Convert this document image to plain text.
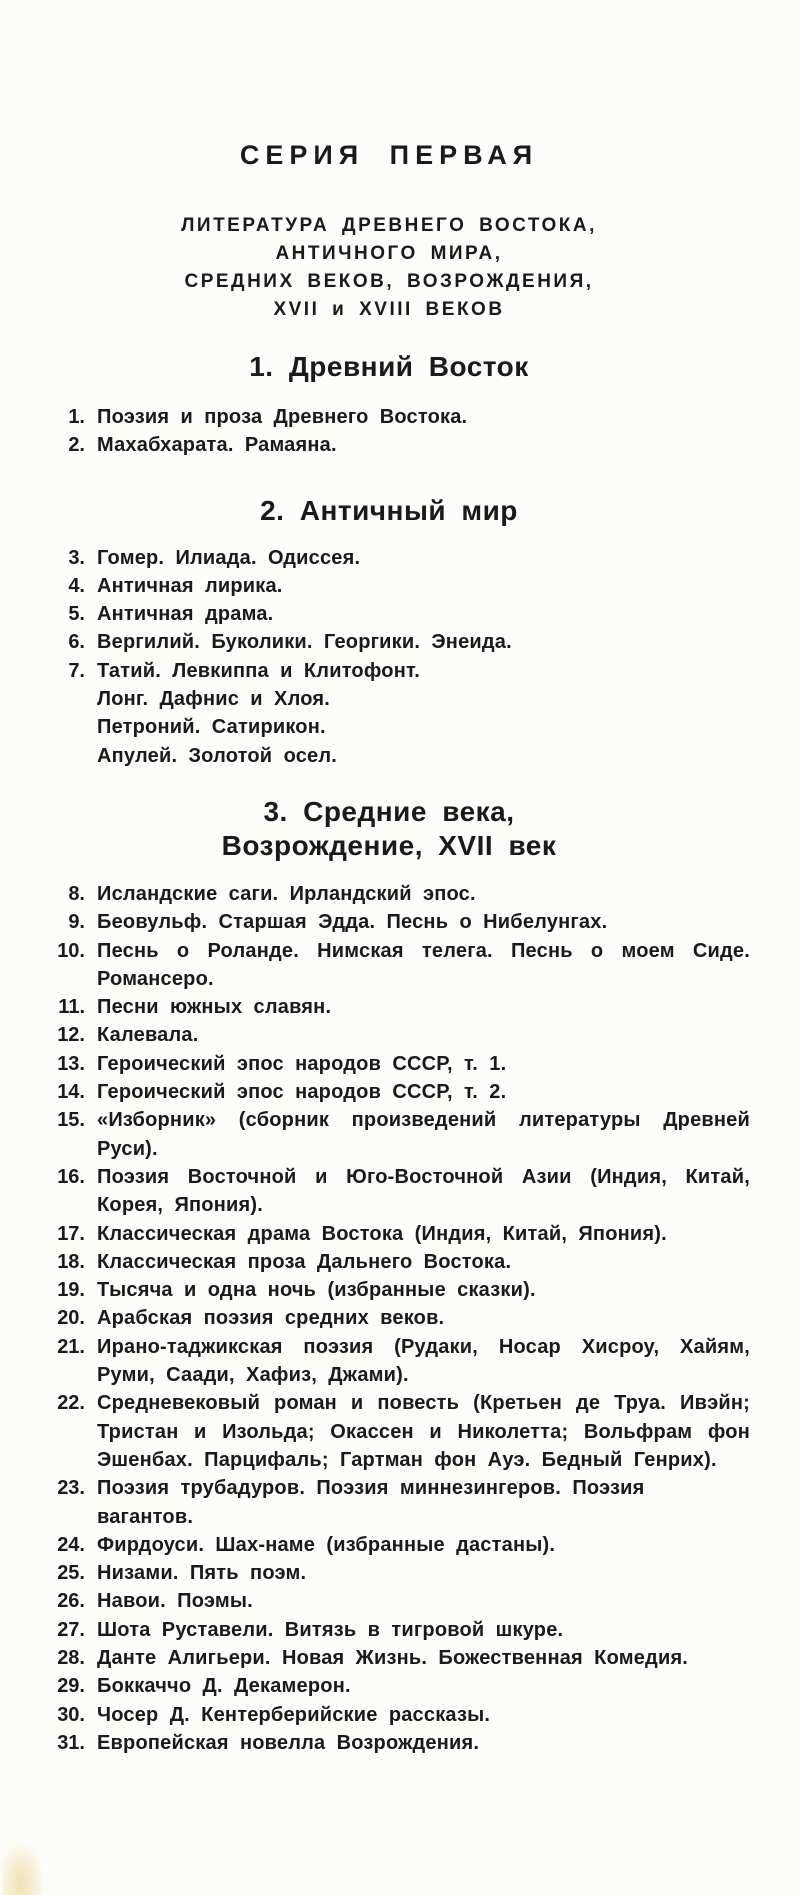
СЕРИЯ ПЕРВАЯ
ЛИТЕРАТУРА ДРЕВНЕГО ВОСТОКА,
АНТИЧНОГО МИРА,
СРЕДНИХ ВЕКОВ, ВОЗРОЖДЕНИЯ,
XVII и XVIII ВЕКОВ
1. Древний Восток
1. Поэзия и проза Древнего Востока.
2. Махабхарата. Рамаяна.
2. Античный мир
3. Гомер. Илиада. Одиссея.
4. Античная лирика.
5. Античная драма.
6. Вергилий. Буколики. Георгики. Энеида.
7. Татий. Левкиппа и Клитофонт.
Лонг. Дафнис и Хлоя.
Петроний. Сатирикон.
Апулей. Золотой осел.
3. Средние века,
Возрождение, XVII век
8. Исландские саги. Ирландский эпос.
9. Беовульф. Старшая Эдда. Песнь о Нибелунгах.
10. Песнь о Роланде. Нимская телега. Песнь о моем Сиде.
Романсеро.
11. Песни южных славян.
12. Калевала.
13. Героический эпос народов СССР, т. 1.
14. Героический эпос народов СССР, т. 2.
15. «Изборник» (сборник произведений литературы Древней
Руси).
16. Поэзия Восточной и Юго-Восточной Азии (Индия, Китай,
Корея, Япония).
17. Классическая драма Востока (Индия, Китай, Япония).
18. Классическая проза Дальнего Востока.
19. Тысяча и одна ночь (избранные сказки).
20. Арабская поэзия средних веков.
21. Ирано-таджикская поэзия (Рудаки, Носар Хисроу, Хайям,
Руми, Саади, Хафиз, Джами).
22. Средневековый роман и повесть (Кретьен де Труа. Ивэйн;
Тристан и Изольда; Окассен и Николетта; Вольфрам фон
Эшенбах. Парцифаль; Гартман фон Ауэ. Бедный Генрих).
23. Поэзия трубадуров. Поэзия миннезингеров. Поэзия
вагантов.
24. Фирдоуси. Шах-наме (избранные дастаны).
25. Низами. Пять поэм.
26. Навои. Поэмы.
27. Шота Руставели. Витязь в тигровой шкуре.
28. Данте Алигьери. Новая Жизнь. Божественная Комедия.
29. Боккаччо Д. Декамерон.
30. Чосер Д. Кентерберийские рассказы.
31. Европейская новелла Возрождения.
